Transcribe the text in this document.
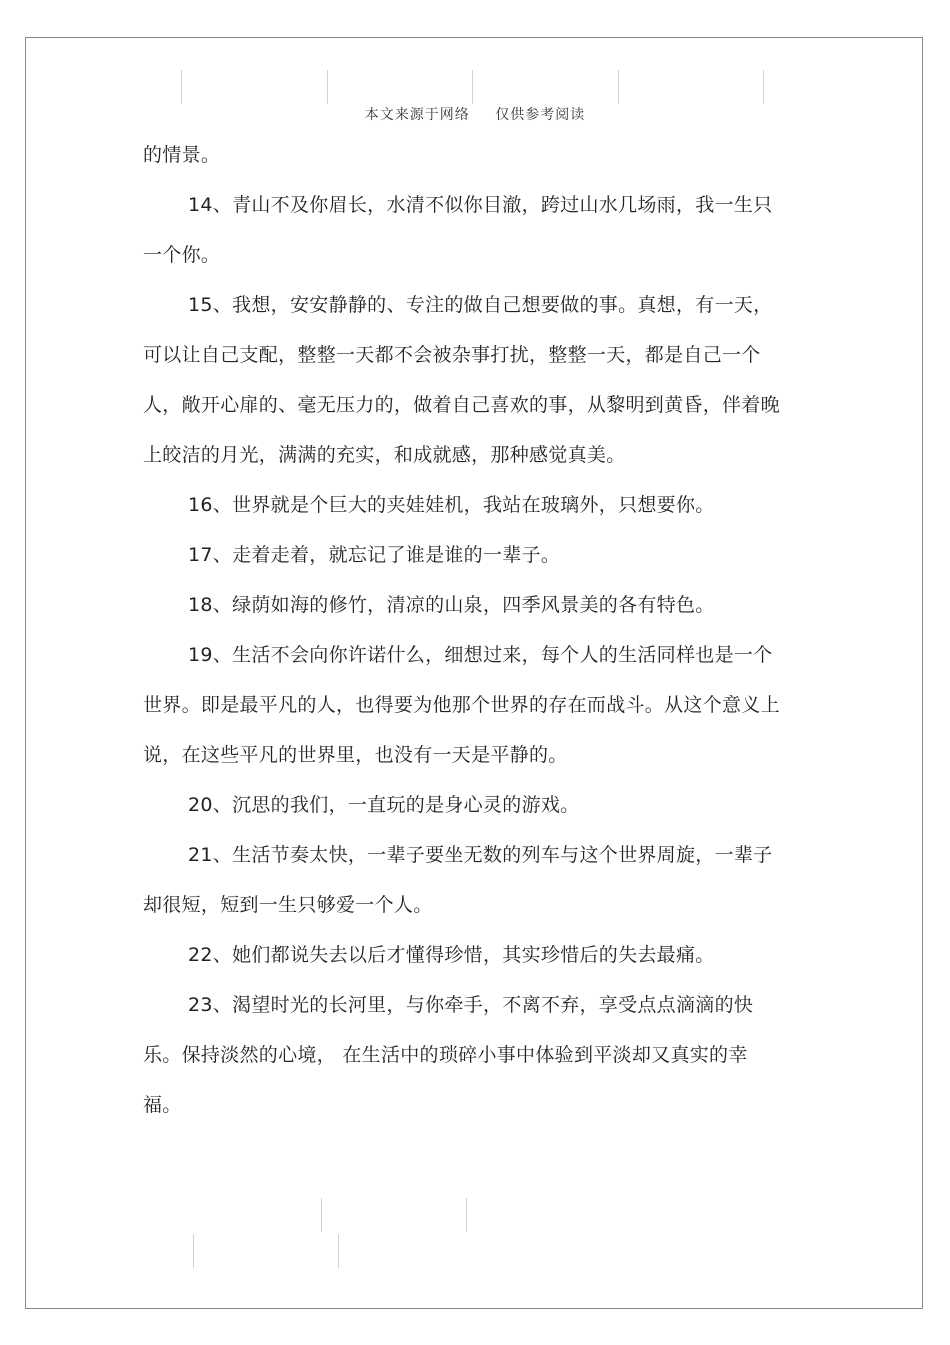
本文来源于网络 仅供参考阅读

的情景。

14、青山不及你眉长，水清不似你目澈，跨过山水几场雨，我一生只一个你。

15、我想，安安静静的、专注的做自己想要做的事。真想，有一天，可以让自己支配，整整一天都不会被杂事打扰，整整一天，都是自己一个人，敞开心扉的、毫无压力的，做着自己喜欢的事，从黎明到黄昏，伴着晚上皎洁的月光，满满的充实，和成就感，那种感觉真美。

16、世界就是个巨大的夹娃娃机，我站在玻璃外，只想要你。

17、走着走着，就忘记了谁是谁的一辈子。

18、绿荫如海的修竹，清凉的山泉，四季风景美的各有特色。

19、生活不会向你许诺什么，细想过来，每个人的生活同样也是一个世界。即是最平凡的人，也得要为他那个世界的存在而战斗。从这个意义上说，在这些平凡的世界里，也没有一天是平静的。

20、沉思的我们，一直玩的是身心灵的游戏。

21、生活节奏太快，一辈子要坐无数的列车与这个世界周旋，一辈子却很短，短到一生只够爱一个人。

22、她们都说失去以后才懂得珍惜，其实珍惜后的失去最痛。

23、渴望时光的长河里，与你牵手，不离不弃，享受点点滴滴的快乐。保持淡然的心境， 在生活中的琐碎小事中体验到平淡却又真实的幸福。
